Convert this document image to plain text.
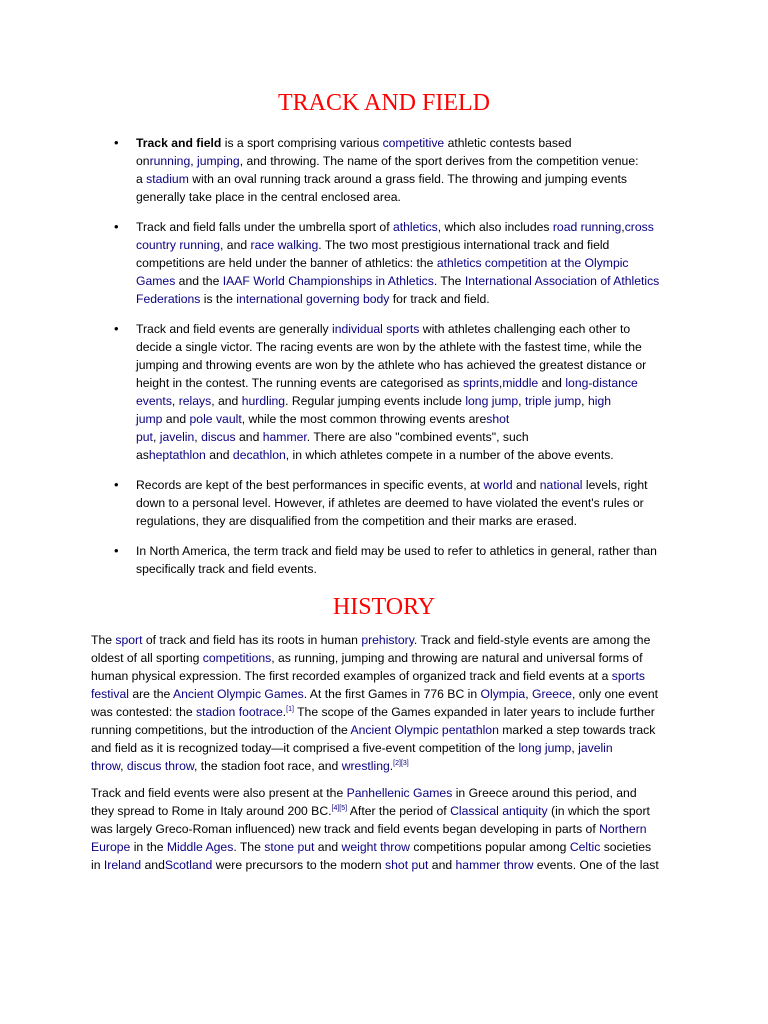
TRACK AND FIELD
• Track and field is a sport comprising various competitive athletic contests based
onrunning, jumping, and throwing. The name of the sport derives from the competition venue:
a stadium with an oval running track around a grass field. The throwing and jumping events
generally take place in the central enclosed area.
• Track and field falls under the umbrella sport of athletics, which also includes road running,cross
country running, and race walking. The two most prestigious international track and field
competitions are held under the banner of athletics: the athletics competition at the Olympic
Games and the IAAF World Championships in Athletics. The International Association of Athletics
Federations is the international governing body for track and field.
• Track and field events are generally individual sports with athletes challenging each other to
decide a single victor. The racing events are won by the athlete with the fastest time, while the
jumping and throwing events are won by the athlete who has achieved the greatest distance or
height in the contest. The running events are categorised as sprints,middle and long-distance
events, relays, and hurdling. Regular jumping events include long jump, triple jump, high
jump and pole vault, while the most common throwing events areshot
put, javelin, discus and hammer. There are also "combined events", such
asheptathlon and decathlon, in which athletes compete in a number of the above events.
• Records are kept of the best performances in specific events, at world and national levels, right
down to a personal level. However, if athletes are deemed to have violated the event's rules or
regulations, they are disqualified from the competition and their marks are erased.
• In North America, the term track and field may be used to refer to athletics in general, rather than
specifically track and field events.
HISTORY
The sport of track and field has its roots in human prehistory. Track and field-style events are among the
oldest of all sporting competitions, as running, jumping and throwing are natural and universal forms of
human physical expression. The first recorded examples of organized track and field events at a sports
festival are the Ancient Olympic Games. At the first Games in 776 BC in Olympia, Greece, only one event
was contested: the stadion footrace.[1] The scope of the Games expanded in later years to include further
running competitions, but the introduction of the Ancient Olympic pentathlon marked a step towards track
and field as it is recognized today—it comprised a five-event competition of the long jump, javelin
throw, discus throw, the stadion foot race, and wrestling.[2][3]
Track and field events were also present at the Panhellenic Games in Greece around this period, and
they spread to Rome in Italy around 200 BC.[4][5] After the period of Classical antiquity (in which the sport
was largely Greco-Roman influenced) new track and field events began developing in parts of Northern
Europe in the Middle Ages. The stone put and weight throw competitions popular among Celtic societies
in Ireland andScotland were precursors to the modern shot put and hammer throw events. One of the last
